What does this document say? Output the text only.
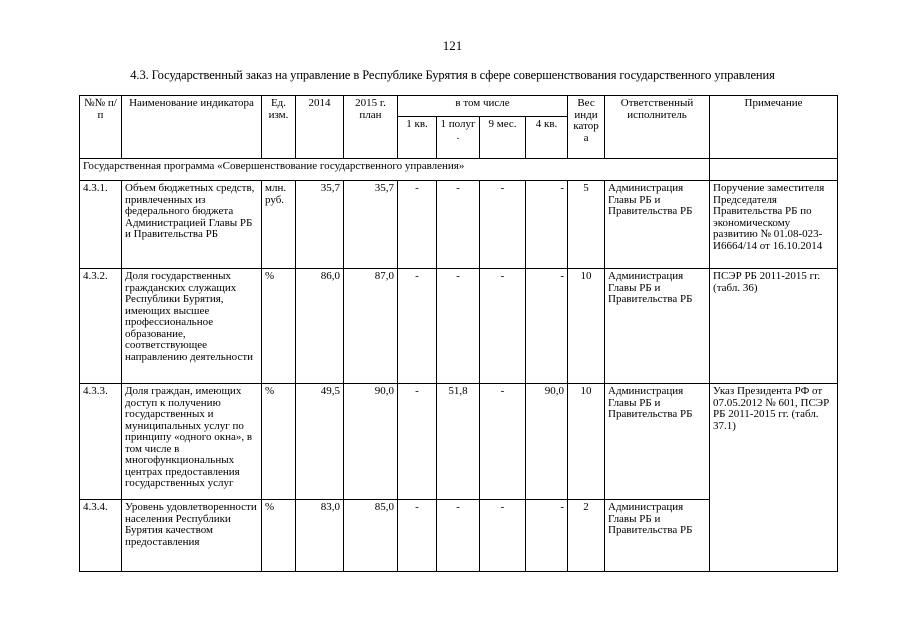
121
4.3. Государственный заказ на управление в Республике Бурятия в сфере совершенствования государственного управления
№№ п/п	Наименование индикатора	Ед. изм.	2014	2015 г. план	в том числе				Вес инди катор а	Ответственный исполнитель	Примечание
					1 кв.	1 полуг .	9 мес.	4 кв.			
Государственная программа «Совершенствование государственного управления»											
4.3.1.	Объем бюджетных средств, привлеченных из федерального бюджета Администрацией Главы РБ и Правительства РБ	млн. руб.	35,7	35,7	-	-	-	-	5	Администрация Главы РБ и Правительства РБ	Поручение заместителя Председателя Правительства РБ по экономическому развитию № 01.08-023-И6664/14 от 16.10.2014
4.3.2.	Доля государственных гражданских служащих Республики Бурятия, имеющих высшее профессиональное образование, соответствующее направлению деятельности	%	86,0	87,0	-	-	-	-	10	Администрация Главы РБ и Правительства РБ	ПСЭР РБ 2011-2015 гг. (табл. 36)
4.3.3.	Доля граждан, имеющих доступ к получению государственных и муниципальных услуг по принципу «одного окна», в том числе в многофункциональных центрах предоставления государственных услуг	%	49,5	90,0	-	51,8	-	90,0	10	Администрация Главы РБ и Правительства РБ	Указ Президента РФ от 07.05.2012 № 601, ПСЭР РБ 2011-2015 гг. (табл. 37.1)
4.3.4.	Уровень удовлетворенности населения Республики Бурятия качеством предоставления	%	83,0	85,0	-	-	-	-	2	Администрация Главы РБ и Правительства РБ	
